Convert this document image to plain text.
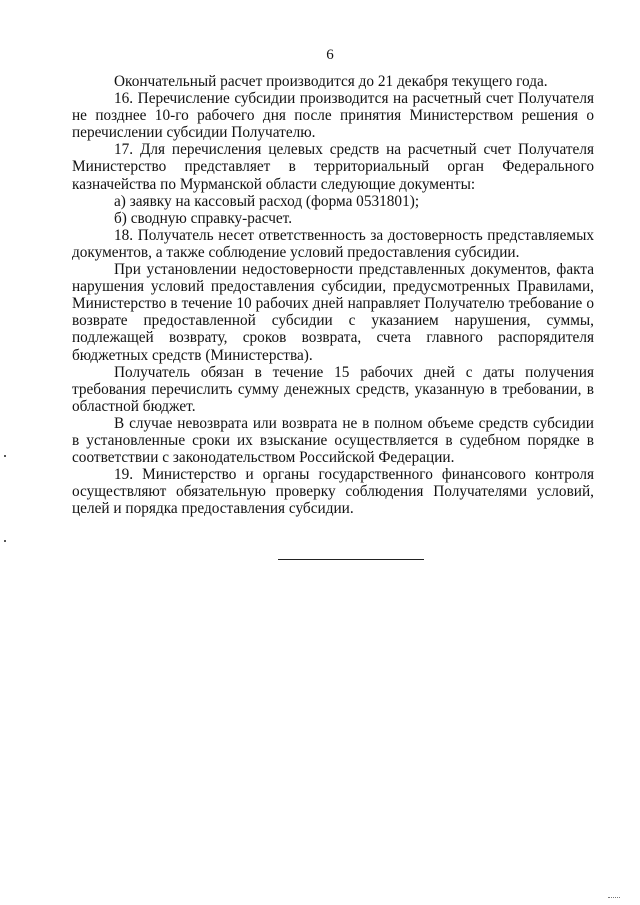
6

Окончательный расчет производится до 21 декабря текущего года.

16. Перечисление субсидии производится на расчетный счет Получателя не позднее 10-го рабочего дня после принятия Министерством решения о перечислении субсидии Получателю.

17. Для перечисления целевых средств на расчетный счет Получателя Министерство представляет в территориальный орган Федерального казначейства по Мурманской области следующие документы:

а) заявку на кассовый расход (форма 0531801);

б) сводную справку-расчет.

18. Получатель несет ответственность за достоверность представляемых документов, а также соблюдение условий предоставления субсидии.

При установлении недостоверности представленных документов, факта нарушения условий предоставления субсидии, предусмотренных Правилами, Министерство в течение 10 рабочих дней направляет Получателю требование о возврате предоставленной субсидии с указанием нарушения, суммы, подлежащей возврату, сроков возврата, счета главного распорядителя бюджетных средств (Министерства).

Получатель обязан в течение 15 рабочих дней с даты получения требования перечислить сумму денежных средств, указанную в требовании, в областной бюджет.

В случае невозврата или возврата не в полном объеме средств субсидии в установленные сроки их взыскание осуществляется в судебном порядке в соответствии с законодательством Российской Федерации.

19. Министерство и органы государственного финансового контроля осуществляют обязательную проверку соблюдения Получателями условий, целей и порядка предоставления субсидии.
